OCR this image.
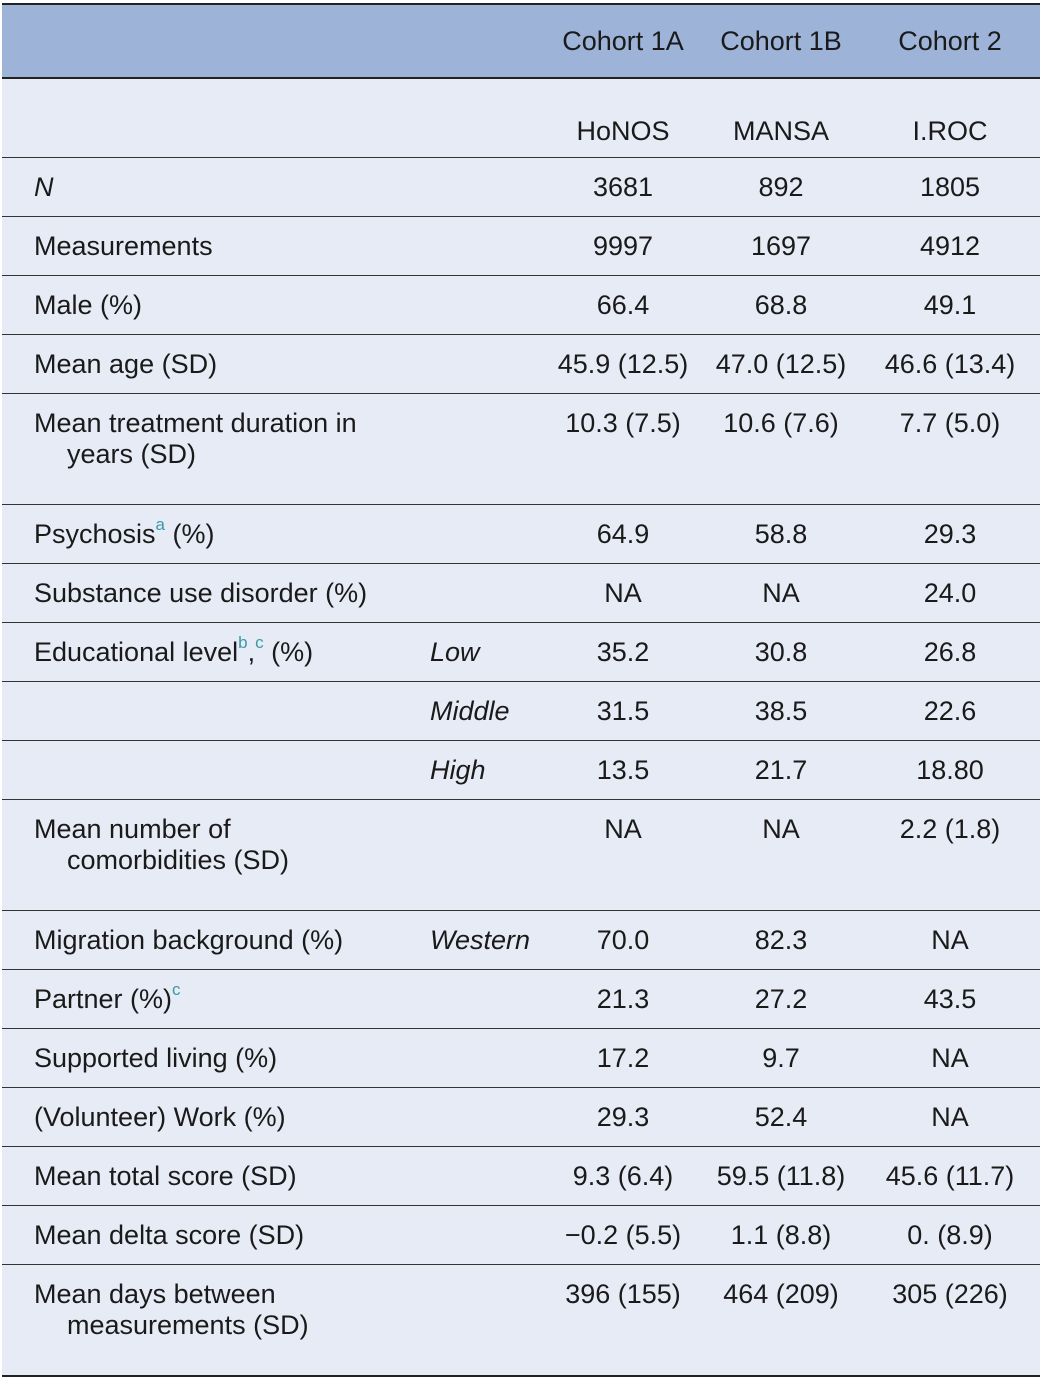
		Cohort 1A	Cohort 1B	Cohort 2
		HoNOS	MANSA	I.ROC
N		3681	892	1805
Measurements		9997	1697	4912
Male (%)		66.4	68.8	49.1
Mean age (SD)		45.9 (12.5)	47.0 (12.5)	46.6 (13.4)
Mean treatment duration in
years (SD)		10.3 (7.5)	10.6 (7.6)	7.7 (5.0)
Psychosis$^a$ (%)		64.9	58.8	29.3
Substance use disorder (%)		NA	NA	24.0
Educational level$^b$,$^c$ (%)	Low	35.2	30.8	26.8
	Middle	31.5	38.5	22.6
	High	13.5	21.7	18.80
Mean number of
comorbidities (SD)		NA	NA	2.2 (1.8)
Migration background (%)	Western	70.0	82.3	NA
Partner (%)$^c$		21.3	27.2	43.5
Supported living (%)		17.2	9.7	NA
(Volunteer) Work (%)		29.3	52.4	NA
Mean total score (SD)		9.3 (6.4)	59.5 (11.8)	45.6 (11.7)
Mean delta score (SD)		−0.2 (5.5)	1.1 (8.8)	0. (8.9)
Mean days between
measurements (SD)		396 (155)	464 (209)	305 (226)
